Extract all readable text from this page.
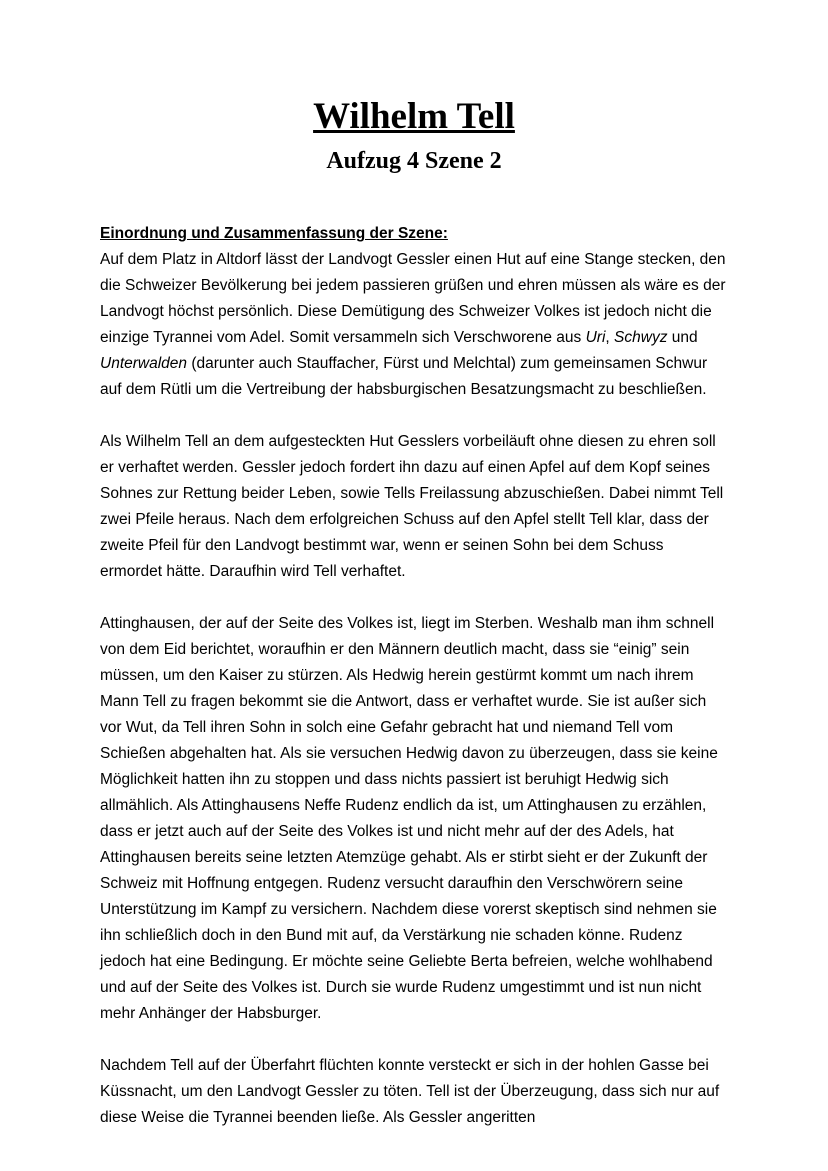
Wilhelm Tell
Aufzug 4 Szene 2

Einordnung und Zusammenfassung der Szene:

Auf dem Platz in Altdorf lässt der Landvogt Gessler einen Hut auf eine Stange stecken, den die Schweizer Bevölkerung bei jedem passieren grüßen und ehren müssen als wäre es der Landvogt höchst persönlich. Diese Demütigung des Schweizer Volkes ist jedoch nicht die einzige Tyrannei vom Adel. Somit versammeln sich Verschworene aus Uri, Schwyz und Unterwalden (darunter auch Stauffacher, Fürst und Melchtal) zum gemeinsamen Schwur auf dem Rütli um die Vertreibung der habsburgischen Besatzungsmacht zu beschließen.

Als Wilhelm Tell an dem aufgesteckten Hut Gesslers vorbeiläuft ohne diesen zu ehren soll er verhaftet werden. Gessler jedoch fordert ihn dazu auf einen Apfel auf dem Kopf seines Sohnes zur Rettung beider Leben, sowie Tells Freilassung abzuschießen. Dabei nimmt Tell zwei Pfeile heraus. Nach dem erfolgreichen Schuss auf den Apfel stellt Tell klar, dass der zweite Pfeil für den Landvogt bestimmt war, wenn er seinen Sohn bei dem Schuss ermordet hätte. Daraufhin wird Tell verhaftet.

Attinghausen, der auf der Seite des Volkes ist, liegt im Sterben. Weshalb man ihm schnell von dem Eid berichtet, woraufhin er den Männern deutlich macht, dass sie “einig” sein müssen, um den Kaiser zu stürzen. Als Hedwig herein gestürmt kommt um nach ihrem Mann Tell zu fragen bekommt sie die Antwort, dass er verhaftet wurde. Sie ist außer sich vor Wut, da Tell ihren Sohn in solch eine Gefahr gebracht hat und niemand Tell vom Schießen abgehalten hat. Als sie versuchen Hedwig davon zu überzeugen, dass sie keine Möglichkeit hatten ihn zu stoppen und dass nichts passiert ist beruhigt Hedwig sich allmählich. Als Attinghausens Neffe Rudenz endlich da ist, um Attinghausen zu erzählen, dass er jetzt auch auf der Seite des Volkes ist und nicht mehr auf der des Adels, hat Attinghausen bereits seine letzten Atemzüge gehabt. Als er stirbt sieht er der Zukunft der Schweiz mit Hoffnung entgegen. Rudenz versucht daraufhin den Verschwörern seine Unterstützung im Kampf zu versichern. Nachdem diese vorerst skeptisch sind nehmen sie ihn schließlich doch in den Bund mit auf, da Verstärkung nie schaden könne. Rudenz jedoch hat eine Bedingung. Er möchte seine Geliebte Berta befreien, welche wohlhabend und auf der Seite des Volkes ist. Durch sie wurde Rudenz umgestimmt und ist nun nicht mehr Anhänger der Habsburger.

Nachdem Tell auf der Überfahrt flüchten konnte versteckt er sich in der hohlen Gasse bei Küssnacht, um den Landvogt Gessler zu töten. Tell ist der Überzeugung, dass sich nur auf diese Weise die Tyrannei beenden ließe. Als Gessler angeritten
